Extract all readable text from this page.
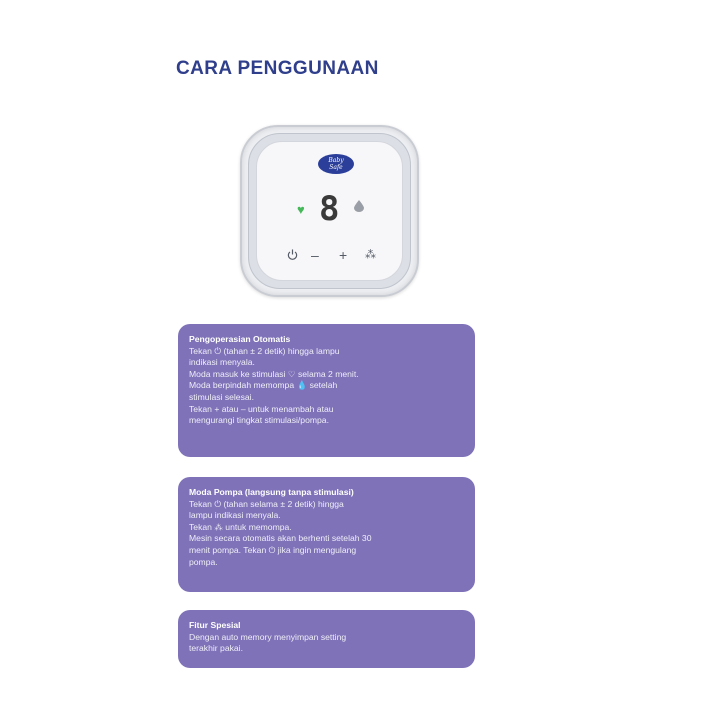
CARA PENGGUNAAN
Baby
Safe
♥ 8
– + ⁂
Pengoperasian Otomatis
Tekan ⏻ (tahan ± 2 detik) hingga lampu
indikasi menyala.
Moda masuk ke stimulasi ♡ selama 2 menit.
Moda berpindah memompa 💧 setelah
stimulasi selesai.
Tekan + atau – untuk menambah atau
mengurangi tingkat stimulasi/pompa.
Moda Pompa (langsung tanpa stimulasi)
Tekan ⏻ (tahan selama ± 2 detik) hingga
lampu indikasi menyala.
Tekan ⁂ untuk memompa.
Mesin secara otomatis akan berhenti setelah 30
menit pompa. Tekan ⏻ jika ingin mengulang
pompa.
Fitur Spesial
Dengan auto memory menyimpan setting
terakhir pakai.
